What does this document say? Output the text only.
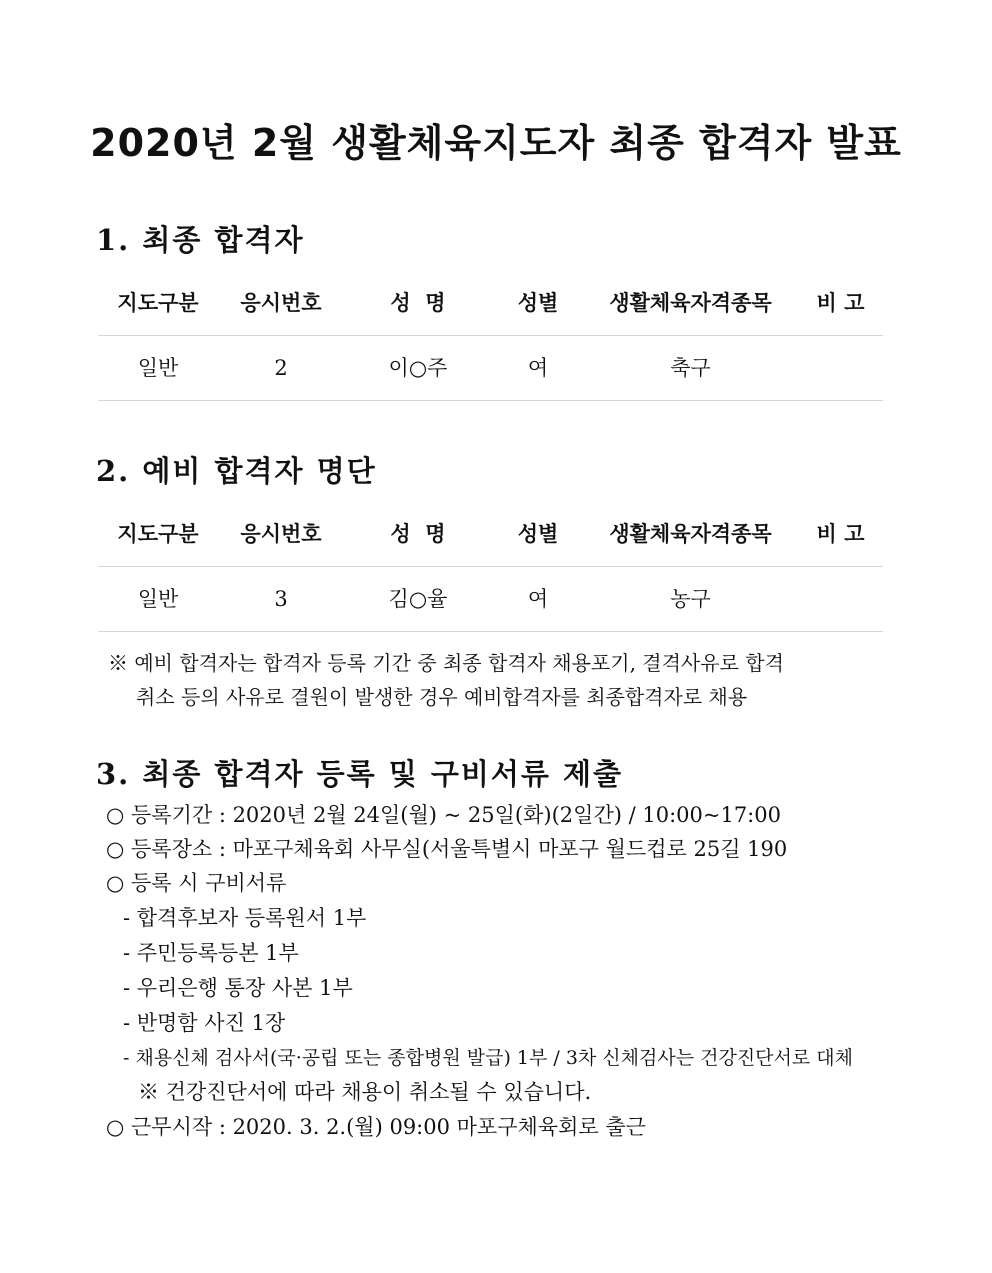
2020년 2월 생활체육지도자 최종 합격자 발표
1. 최종 합격자
지도구분	응시번호	성  명	성별	생활체육자격종목	비 고
일반	2	이○주	여	축구
2. 예비 합격자 명단
지도구분	응시번호	성  명	성별	생활체육자격종목	비 고
일반	3	김○율	여	농구
※ 예비 합격자는 합격자 등록 기간 중 최종 합격자 채용포기, 결격사유로 합격
취소 등의 사유로 결원이 발생한 경우 예비합격자를 최종합격자로 채용
3. 최종 합격자 등록 및 구비서류 제출
○ 등록기간 : 2020년 2월 24일(월) ~ 25일(화)(2일간) / 10:00~17:00
○ 등록장소 : 마포구체육회 사무실(서울특별시 마포구 월드컵로 25길 190
○ 등록 시 구비서류
- 합격후보자 등록원서 1부
- 주민등록등본 1부
- 우리은행 통장 사본 1부
- 반명함 사진 1장
- 채용신체 검사서(국·공립 또는 종합병원 발급) 1부 / 3차 신체검사는 건강진단서로 대체
※ 건강진단서에 따라 채용이 취소될 수 있습니다.
○ 근무시작 : 2020. 3. 2.(월) 09:00 마포구체육회로 출근
